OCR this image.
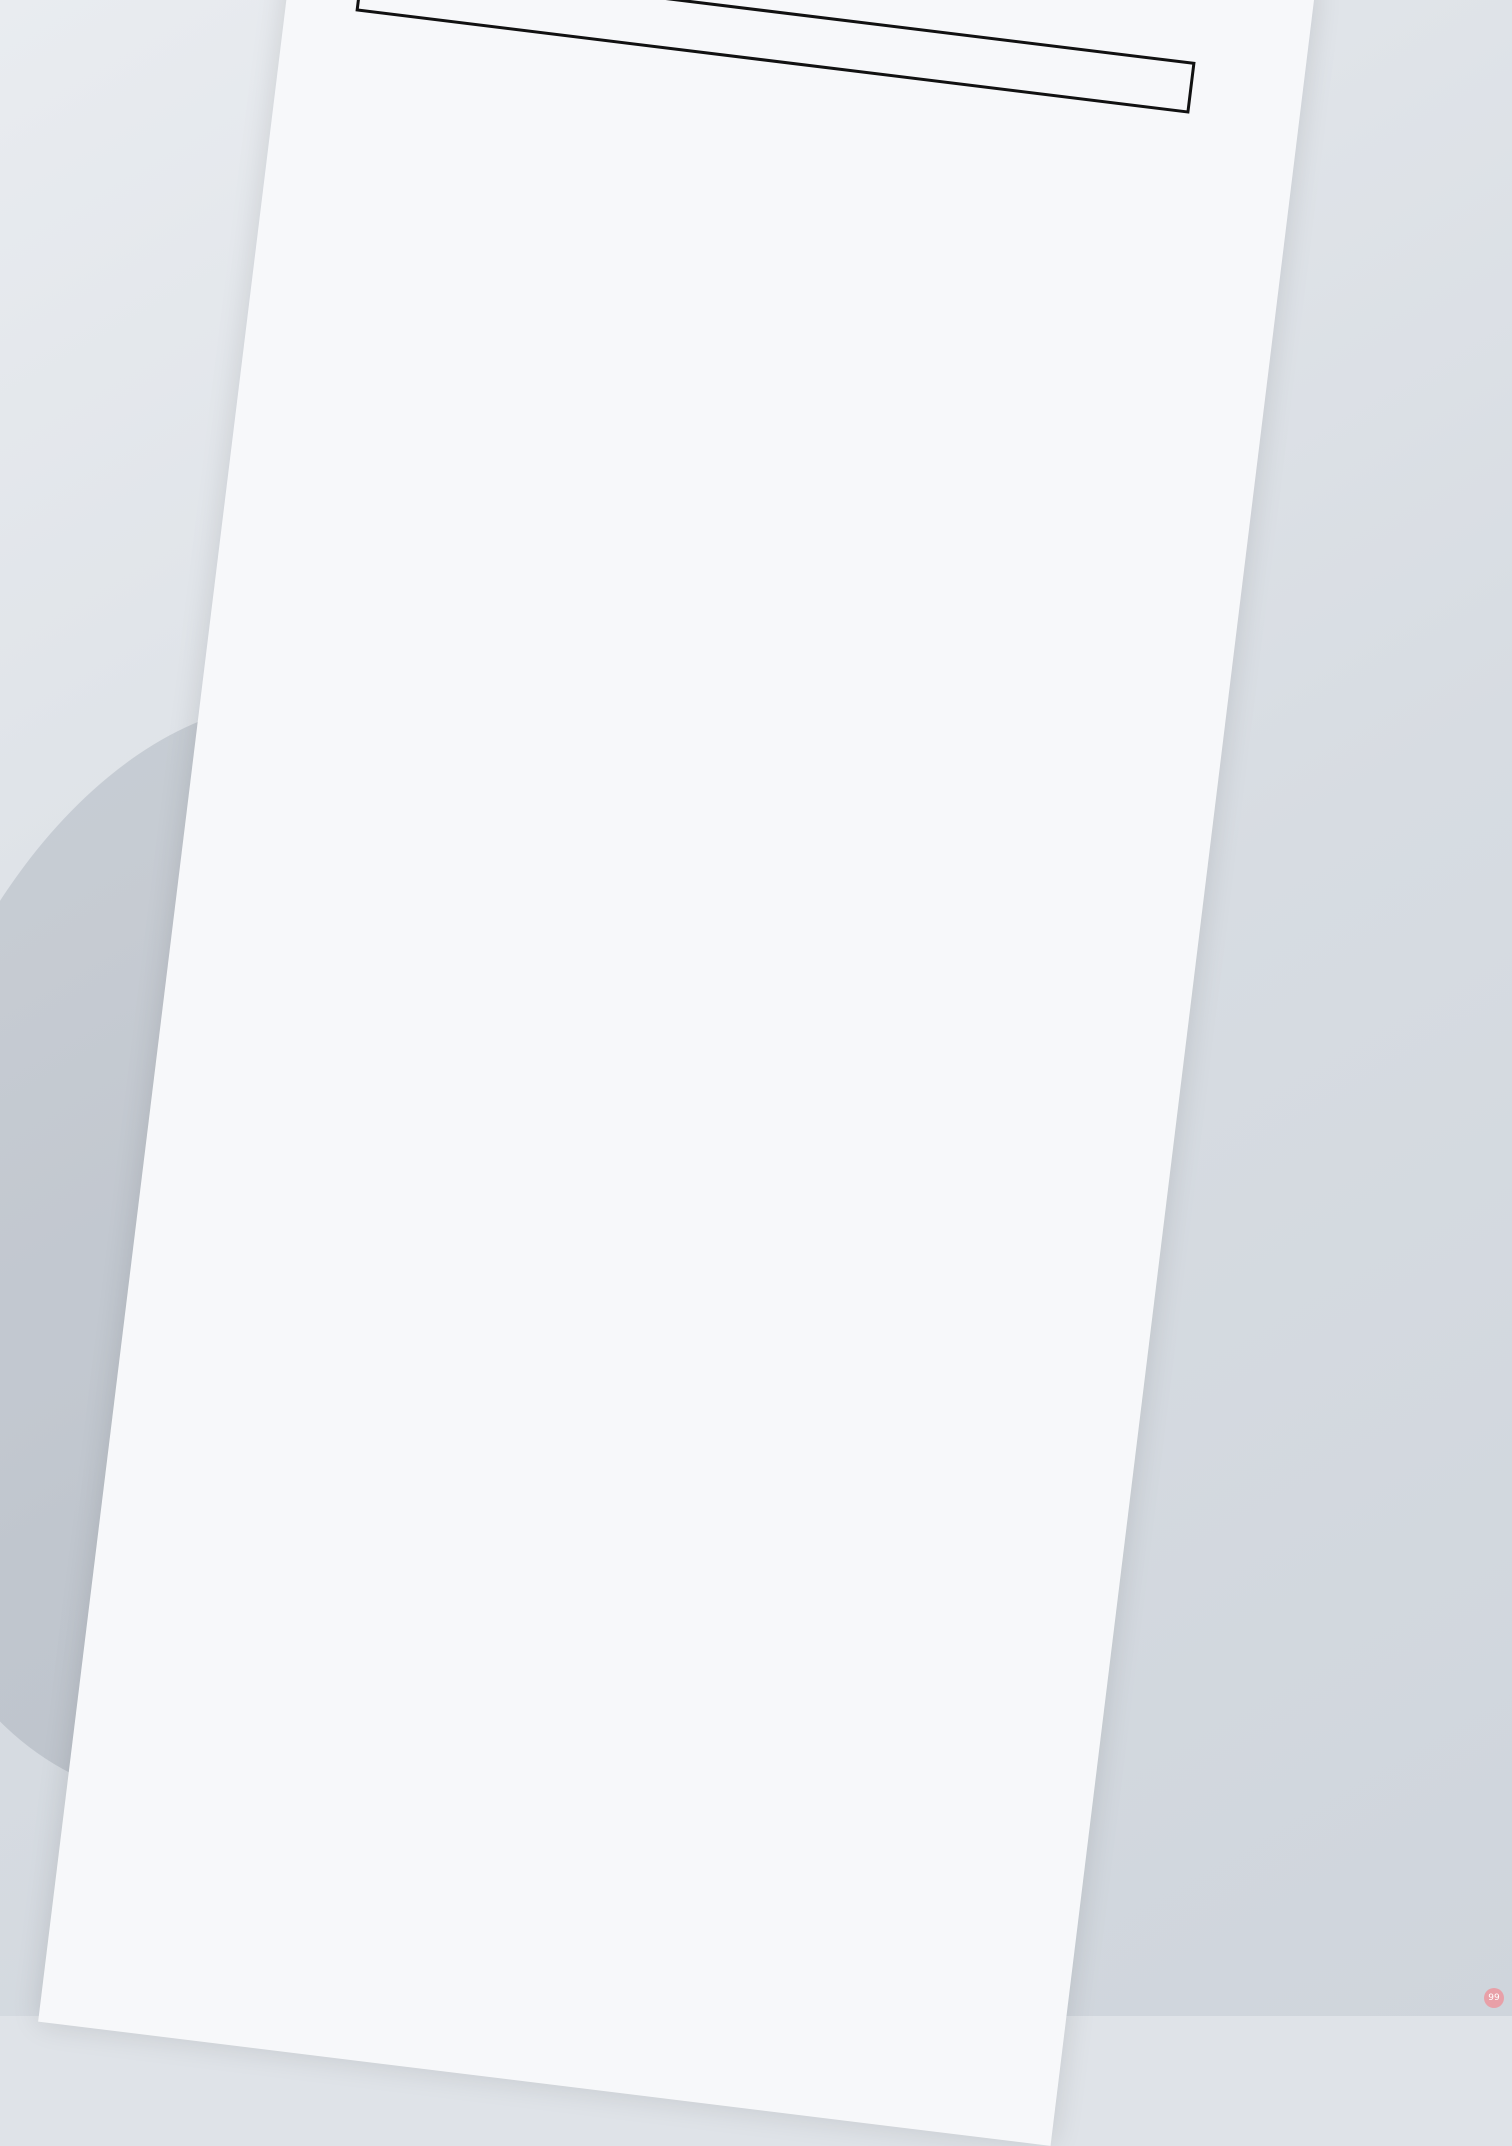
99
